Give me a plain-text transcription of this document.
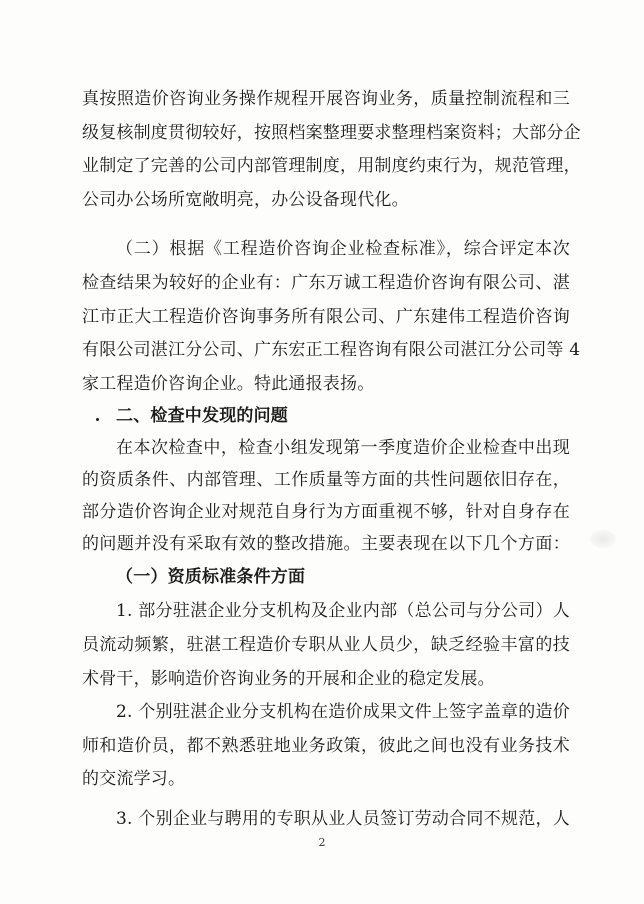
真按照造价咨询业务操作规程开展咨询业务，质量控制流程和三
级复核制度贯彻较好，按照档案整理要求整理档案资料；大部分企
业制定了完善的公司内部管理制度，用制度约束行为，规范管理，
公司办公场所宽敞明亮，办公设备现代化。
（二）根据《工程造价咨询企业检查标准》，综合评定本次
检查结果为较好的企业有：广东万诚工程造价咨询有限公司、湛
江市正大工程造价咨询事务所有限公司、广东建伟工程造价咨询
有限公司湛江分公司、广东宏正工程咨询有限公司湛江分公司等 4
家工程造价咨询企业。特此通报表扬。
二、检查中发现的问题
在本次检查中，检查小组发现第一季度造价企业检查中出现
的资质条件、内部管理、工作质量等方面的共性问题依旧存在，
部分造价咨询企业对规范自身行为方面重视不够，针对自身存在
的问题并没有采取有效的整改措施。主要表现在以下几个方面：
（一）资质标准条件方面
1. 部分驻湛企业分支机构及企业内部（总公司与分公司）人
员流动频繁，驻湛工程造价专职从业人员少，缺乏经验丰富的技
术骨干，影响造价咨询业务的开展和企业的稳定发展。
2. 个别驻湛企业分支机构在造价成果文件上签字盖章的造价
师和造价员，都不熟悉驻地业务政策，彼此之间也没有业务技术
的交流学习。
3. 个别企业与聘用的专职从业人员签订劳动合同不规范，人
2
